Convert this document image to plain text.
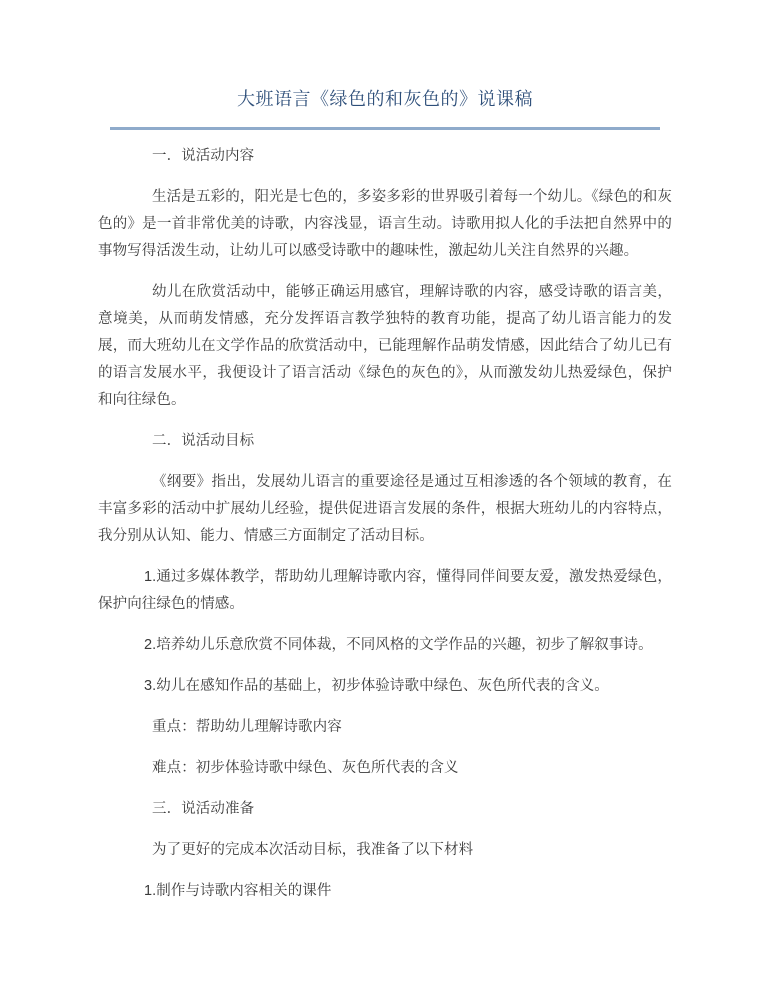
大班语言《绿色的和灰色的》说课稿

一．说活动内容

生活是五彩的，阳光是七色的，多姿多彩的世界吸引着每一个幼儿。《绿色的和灰色的》是一首非常优美的诗歌，内容浅显，语言生动。诗歌用拟人化的手法把自然界中的事物写得活泼生动，让幼儿可以感受诗歌中的趣味性，激起幼儿关注自然界的兴趣。

幼儿在欣赏活动中，能够正确运用感官，理解诗歌的内容，感受诗歌的语言美，意境美，从而萌发情感，充分发挥语言教学独特的教育功能，提高了幼儿语言能力的发展，而大班幼儿在文学作品的欣赏活动中，已能理解作品萌发情感，因此结合了幼儿已有的语言发展水平，我便设计了语言活动《绿色的灰色的》，从而激发幼儿热爱绿色，保护和向往绿色。

二．说活动目标

《纲要》指出，发展幼儿语言的重要途径是通过互相渗透的各个领域的教育，在丰富多彩的活动中扩展幼儿经验，提供促进语言发展的条件，根据大班幼儿的内容特点，我分别从认知、能力、情感三方面制定了活动目标。

1.通过多媒体教学，帮助幼儿理解诗歌内容，懂得同伴间要友爱，激发热爱绿色，保护向往绿色的情感。

2.培养幼儿乐意欣赏不同体裁，不同风格的文学作品的兴趣，初步了解叙事诗。

3.幼儿在感知作品的基础上，初步体验诗歌中绿色、灰色所代表的含义。

重点：帮助幼儿理解诗歌内容

难点：初步体验诗歌中绿色、灰色所代表的含义

三．说活动准备

为了更好的完成本次活动目标，我准备了以下材料

1.制作与诗歌内容相关的课件
